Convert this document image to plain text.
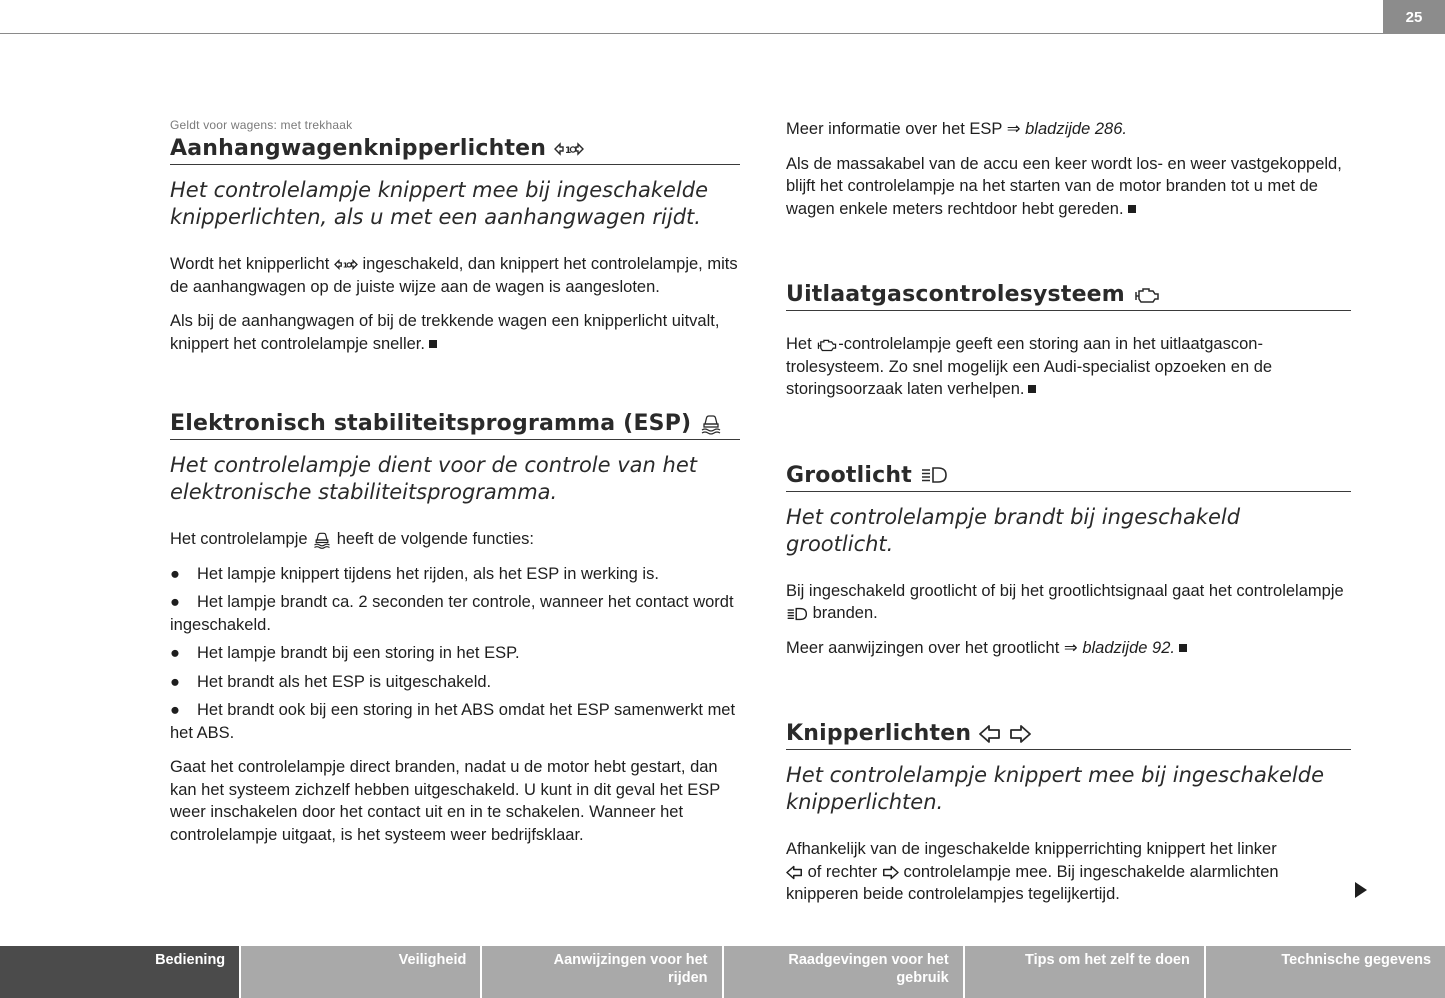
25
Geldt voor wagens: met trekhaak
Aanhangwagenknipperlichten 1
Het controlelampje knippert mee bij ingeschakelde knipperlichten, als u met een aanhangwagen rijdt.

Wordt het knipperlicht 1 ingeschakeld, dan knippert het controlelampje, mits de aanhangwagen op de juiste wijze aan de wagen is aangesloten.

Als bij de aanhangwagen of bij de trekkende wagen een knipperlicht uitvalt, knippert het controlelampje sneller.

Elektronisch stabiliteitsprogramma (ESP)
Het controlelampje dient voor de controle van het elektronische stabiliteitsprogramma.

Het controlelampje  heeft de volgende functies:

● Het lampje knippert tijdens het rijden, als het ESP in werking is.
● Het lampje brandt ca. 2 seconden ter controle, wanneer het contact wordt ingeschakeld.
● Het lampje brandt bij een storing in het ESP.
● Het brandt als het ESP is uitgeschakeld.
● Het brandt ook bij een storing in het ABS omdat het ESP samenwerkt met het ABS.

Gaat het controlelampje direct branden, nadat u de motor hebt gestart, dan kan het systeem zichzelf hebben uitgeschakeld. U kunt in dit geval het ESP weer inschakelen door het contact uit en in te schakelen. Wanneer het controlelampje uitgaat, is het systeem weer bedrijfsklaar.

Meer informatie over het ESP ⇒ bladzijde 286.

Als de massakabel van de accu een keer wordt los- en weer vastgekoppeld, blijft het controlelampje na het starten van de motor branden tot u met de wagen enkele meters rechtdoor hebt gereden.

Uitlaatgascontrolesysteem

Het -controlelampje geeft een storing aan in het uitlaatgascontrolesysteem. Zo snel mogelijk een Audi-specialist opzoeken en de storingsoorzaak laten verhelpen.

Grootlicht
Het controlelampje brandt bij ingeschakeld grootlicht.

Bij ingeschakeld grootlicht of bij het grootlichtsignaal gaat het controlelampje  branden.

Meer aanwijzingen over het grootlicht ⇒ bladzijde 92.

Knipperlichten
Het controlelampje knippert mee bij ingeschakelde knipperlichten.

Afhankelijk van de ingeschakelde knipperrichting knippert het linker
of rechter  controlelampje mee. Bij ingeschakelde alarmlichten knipperen beide controlelampjes tegelijkertijd.

Bediening	Veiligheid	Aanwijzingen voor het
rijden
Raadgevingen voor het
gebruik
Tips om het zelf te doen	Technische gegevens
